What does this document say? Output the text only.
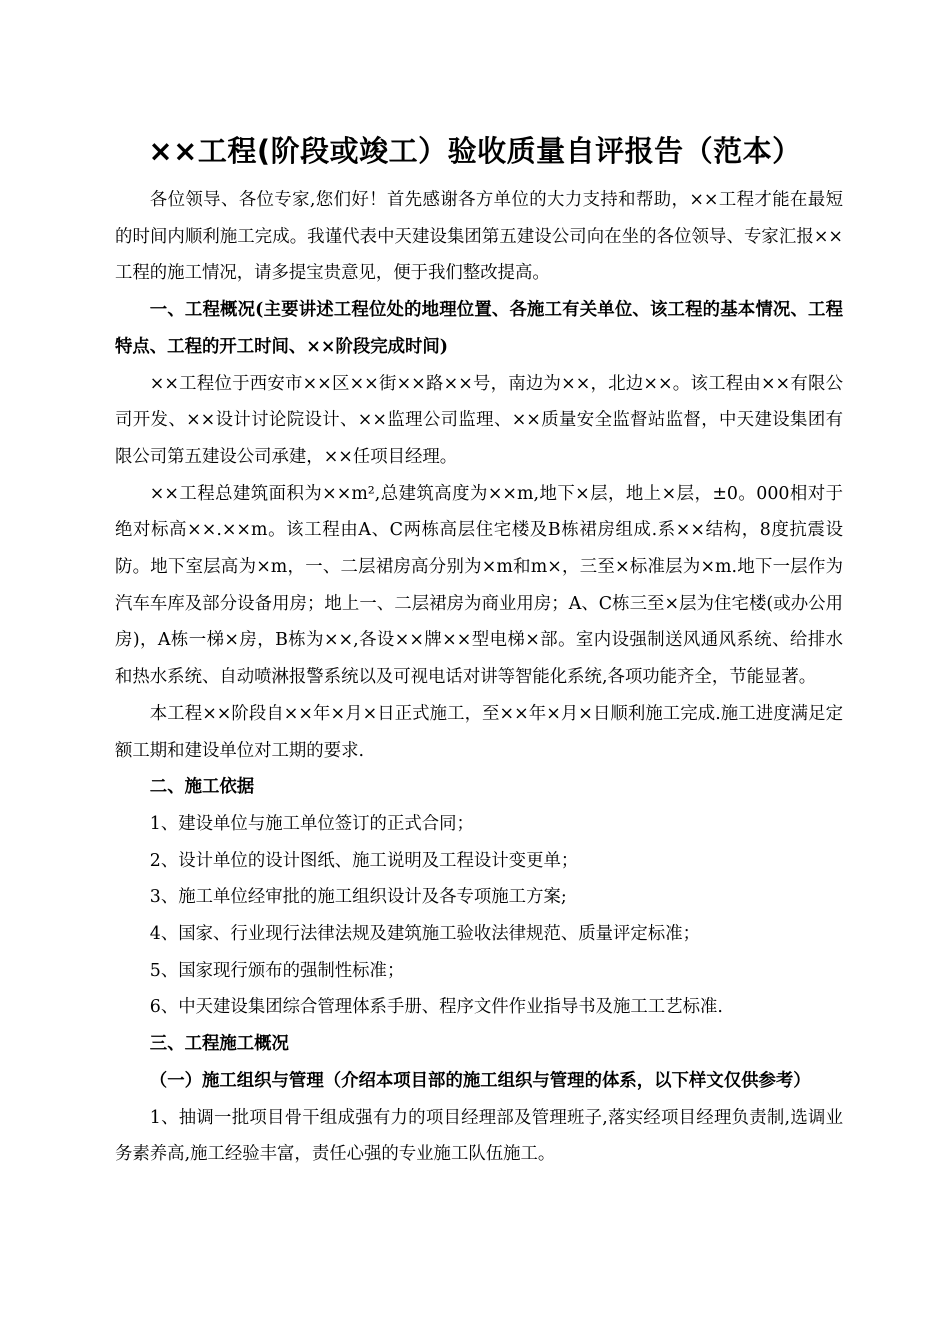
××工程(阶段或竣工）验收质量自评报告（范本）

各位领导、各位专家,您们好！首先感谢各方单位的大力支持和帮助，××工程才能在最短的时间内顺利施工完成。我谨代表中天建设集团第五建设公司向在坐的各位领导、专家汇报××工程的施工情况，请多提宝贵意见，便于我们整改提高。

一、工程概况(主要讲述工程位处的地理位置、各施工有关单位、该工程的基本情况、工程特点、工程的开工时间、××阶段完成时间)

××工程位于西安市××区××街××路××号，南边为××，北边××。该工程由××有限公司开发、××设计讨论院设计、××监理公司监理、××质量安全监督站监督，中天建设集团有限公司第五建设公司承建，××任项目经理。

××工程总建筑面积为××m²,总建筑高度为××m,地下×层，地上×层，±0。000相对于绝对标高××.××m。该工程由A、C两栋高层住宅楼及B栋裙房组成.系××结构，8度抗震设防。地下室层高为×m，一、二层裙房高分别为×m和m×，三至×标准层为×m.地下一层作为汽车车库及部分设备用房；地上一、二层裙房为商业用房；A、C栋三至×层为住宅楼(或办公用房)，A栋一梯×房，B栋为××,各设××牌××型电梯×部。室内设强制送风通风系统、给排水和热水系统、自动喷淋报警系统以及可视电话对讲等智能化系统,各项功能齐全，节能显著。

本工程××阶段自××年×月×日正式施工，至××年×月×日顺利施工完成.施工进度满足定额工期和建设单位对工期的要求.

二、施工依据

1、建设单位与施工单位签订的正式合同；

2、设计单位的设计图纸、施工说明及工程设计变更单；

3、施工单位经审批的施工组织设计及各专项施工方案;

4、国家、行业现行法律法规及建筑施工验收法律规范、质量评定标准；

5、国家现行颁布的强制性标准；

6、中天建设集团综合管理体系手册、程序文件作业指导书及施工工艺标准.

三、工程施工概况

（一）施工组织与管理（介绍本项目部的施工组织与管理的体系，以下样文仅供参考）

1、抽调一批项目骨干组成强有力的项目经理部及管理班子,落实经项目经理负责制,选调业务素养高,施工经验丰富，责任心强的专业施工队伍施工。
